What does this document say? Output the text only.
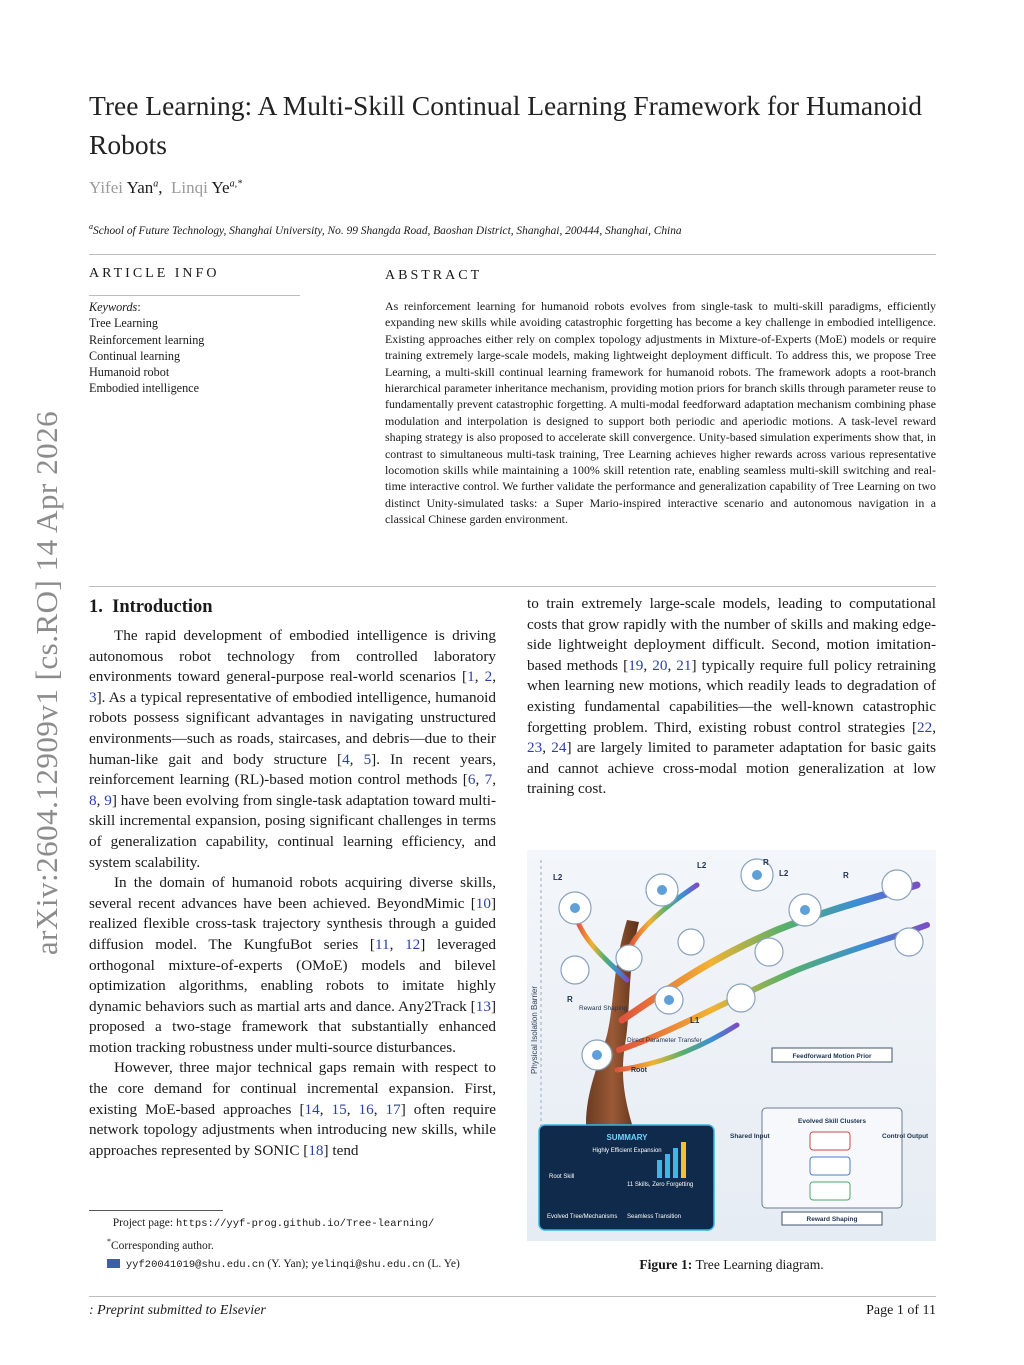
Tree Learning: A Multi-Skill Continual Learning Framework for Humanoid Robots
Yifei Yan$^a$, Linqi $Ye^{a,*}$
$^a$School of Future Technology, Shanghai University, No. 99 Shangda Road, Baoshan District, Shanghai, 200444, Shanghai, China
ARTICLE INFO
Keywords:
Tree Learning
Reinforcement learning
Continual learning
Humanoid robot
Embodied intelligence
ABSTRACT
As reinforcement learning for humanoid robots evolves from single-task to multi-skill paradigms, efficiently expanding new skills while avoiding catastrophic forgetting has become a key challenge in embodied intelligence. Existing approaches either rely on complex topology adjustments in Mixture-of-Experts (MoE) models or require training extremely large-scale models, making lightweight deployment difficult. To address this, we propose Tree Learning, a multi-skill continual learning framework for humanoid robots. The framework adopts a root-branch hierarchical parameter inheritance mechanism, providing motion priors for branch skills through parameter reuse to fundamentally prevent catastrophic forgetting. A multi-modal feedforward adaptation mechanism combining phase modulation and interpolation is designed to support both periodic and aperiodic motions. A task-level reward shaping strategy is also proposed to accelerate skill convergence. Unity-based simulation experiments show that, in contrast to simultaneous multi-task training, Tree Learning achieves higher rewards across various representative locomotion skills while maintaining a 100% skill retention rate, enabling seamless multi-skill switching and real-time interactive control. We further validate the performance and generalization capability of Tree Learning on two distinct Unity-simulated tasks: a Super Mario-inspired interactive scenario and autonomous navigation in a classical Chinese garden environment.
arXiv:2604.12909v1 [cs.RO] 14 Apr 2026 1. Introduction

The rapid development of embodied intelligence is driving autonomous robot technology from controlled laboratory environments toward general-purpose real-world scenarios [1, 2, 3]. As a typical representative of embodied intelligence, humanoid robots possess significant advantages in navigating unstructured environments—such as roads, staircases, and debris—due to their human-like gait and body structure [4, 5]. In recent years, reinforcement learning (RL)-based motion control methods [6, 7, 8, 9] have been evolving from single-task adaptation toward multi-skill incremental expansion, posing significant challenges in terms of generalization capability, continual learning efficiency, and system scalability.

In the domain of humanoid robots acquiring diverse skills, several recent advances have been achieved. BeyondMimic [10] realized flexible cross-task trajectory synthesis through a guided diffusion model. The KungfuBot series [11, 12] leveraged orthogonal mixture-of-experts (OMoE) models and bilevel optimization algorithms, enabling robots to imitate highly dynamic behaviors such as martial arts and dance. Any2Track [13] proposed a two-stage framework that substantially enhanced motion tracking robustness under multi-source disturbances.

However, three major technical gaps remain with respect to the core demand for continual incremental expansion. First, existing MoE-based approaches [14, 15, 16, 17] often require network topology adjustments when introducing new skills, while approaches represented by SONIC [18] tend

to train extremely large-scale models, leading to computational costs that grow rapidly with the number of skills and making edge-side lightweight deployment difficult. Second, motion imitation-based methods [19, 20, 21] typically require full policy retraining when learning new motions, which readily leads to degradation of existing fundamental capabilities—the well-known catastrophic forgetting problem. Third, existing robust control strategies [22, 23, 24] are largely limited to parameter adaptation for basic gaits and cannot achieve cross-modal motion generalization at low training cost.

Project page: https://yyf-prog.github.io/Tree-learning/
*Corresponding author.
yyf20041019@shu.edu.cn (Y. Yan); yelinqi@shu.edu.cn (L. Ye)
Physical Isolation Barrier
L2
L2
L2
L1
R
R
R
Reward Shaping
Direct Parameter Transfer
Root
SUMMARY
Highly Efficient Expansion
Root Skill
11 Skills, Zero Forgetting
Evolved Tree/Mechanisms Seamless Transition
Feedforward Motion Prior
Evolved Skill Clusters
Shared Input	Control Output
Reward Shaping
Figure 1: Tree Learning diagram.
: Preprint submitted to Elsevier	Page 1 of 11
